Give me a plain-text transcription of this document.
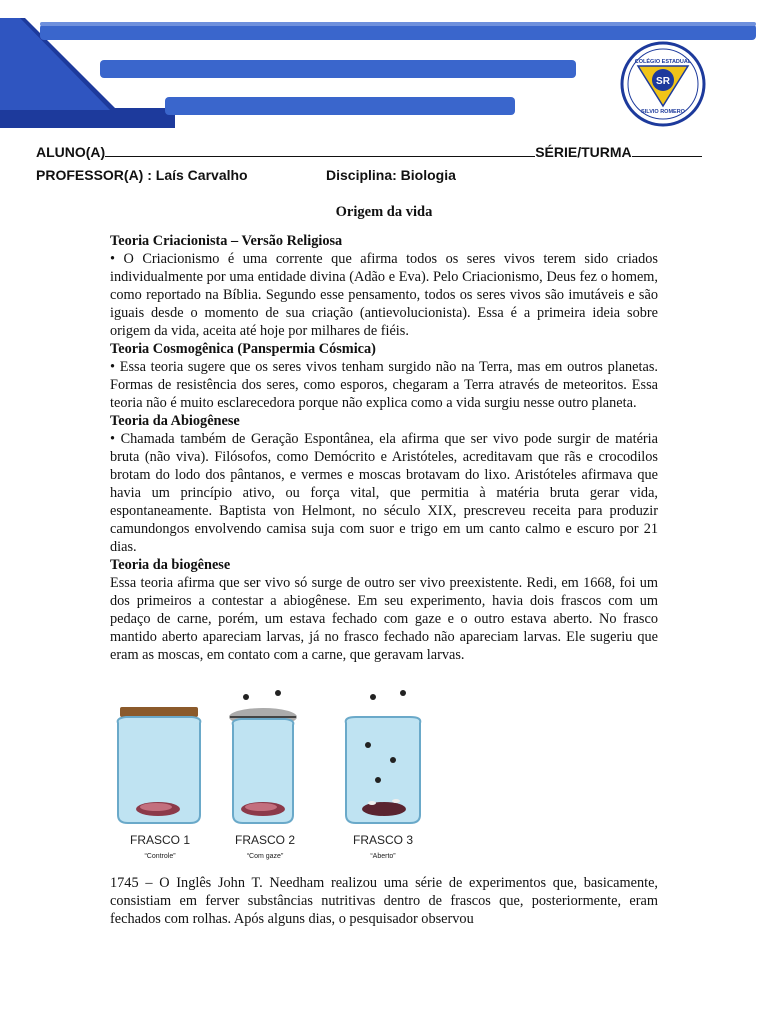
SR
COLÉGIO ESTADUAL
SILVIO ROMERO
ALUNO(A)	SÉRIE/TURMA
PROFESSOR(A) : Laís Carvalho	Disciplina: Biologia
Origem da vida
Teoria Criacionista – Versão Religiosa

• O Criacionismo é uma corrente que afirma todos os seres vivos terem sido criados individualmente por uma entidade divina (Adão e Eva). Pelo Criacionismo, Deus fez o homem, como reportado na Bíblia. Segundo esse pensamento, todos os seres vivos são imutáveis e são iguais desde o momento de sua criação (antievolucionista). Essa é a primeira ideia sobre origem da vida, aceita até hoje por milhares de fiéis.

Teoria Cosmogênica (Panspermia Cósmica)

• Essa teoria sugere que os seres vivos tenham surgido não na Terra, mas em outros planetas. Formas de resistência dos seres, como esporos, chegaram a Terra através de meteoritos. Essa teoria não é muito esclarecedora porque não explica como a vida surgiu nesse outro planeta.

Teoria da Abiogênese

• Chamada também de Geração Espontânea, ela afirma que ser vivo pode surgir de matéria bruta (não viva). Filósofos, como Demócrito e Aristóteles, acreditavam que rãs e crocodilos brotam do lodo dos pântanos, e vermes e moscas brotavam do lixo. Aristóteles afirmava que havia um princípio ativo, ou força vital, que permitia à matéria bruta gerar vida, espontaneamente. Baptista von Helmont, no século XIX, prescreveu receita para produzir camundongos envolvendo camisa suja com suor e trigo em um canto calmo e escuro por 21 dias.

Teoria da biogênese

Essa teoria afirma que ser vivo só surge de outro ser vivo preexistente. Redi, em 1668, foi um dos primeiros a contestar a abiogênese. Em seu experimento, havia dois frascos com um pedaço de carne, porém, um estava fechado com gaze e o outro estava aberto. No frasco mantido aberto apareciam larvas, já no frasco fechado não apareciam larvas. Ele sugeriu que eram as moscas, em contato com a carne, que geravam larvas.

FRASCO 1
“Controle”
FRASCO 2
“Com gaze”
FRASCO 3
“Aberto”

1745 – O Inglês John T. Needham realizou uma série de experimentos que, basicamente, consistiam em ferver substâncias nutritivas dentro de frascos que, posteriormente, eram fechados com rolhas. Após alguns dias, o pesquisador observou
